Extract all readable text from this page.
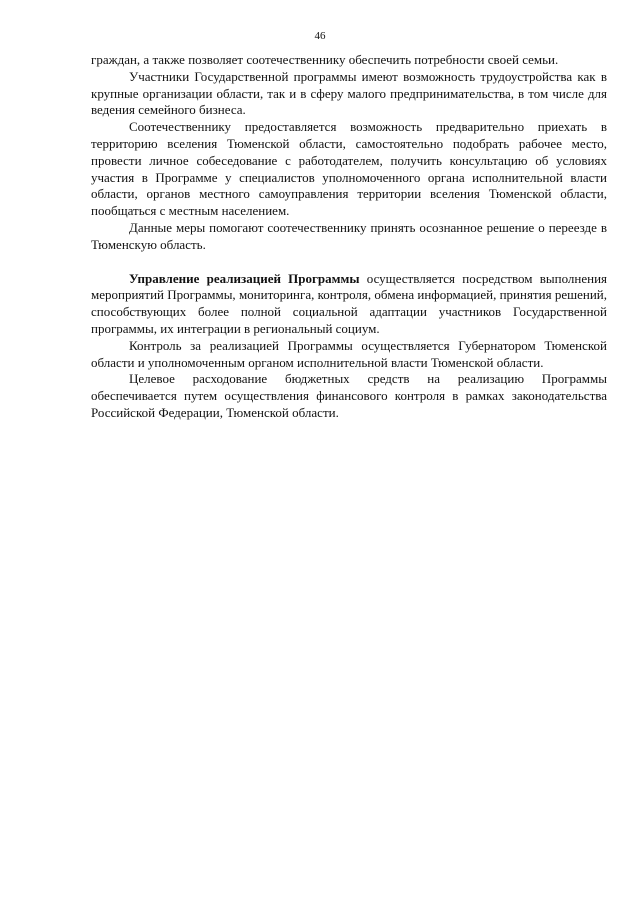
46

граждан, а также позволяет соотечественнику обеспечить потребности своей семьи.

Участники Государственной программы имеют возможность трудоустройства как в крупные организации области, так и в сферу малого предпринимательства, в том числе для ведения семейного бизнеса.

Соотечественнику предоставляется возможность предварительно приехать в территорию вселения Тюменской области, самостоятельно подобрать рабочее место, провести личное собеседование с работодателем, получить консультацию об условиях участия в Программе у специалистов уполномоченного органа исполнительной власти области, органов местного самоуправления территории вселения Тюменской области, пообщаться с местным населением.

Данные меры помогают соотечественнику принять осознанное решение о переезде в Тюменскую область.

Управление реализацией Программы осуществляется посредством выполнения мероприятий Программы, мониторинга, контроля, обмена информацией, принятия решений, способствующих более полной социальной адаптации участников Государственной программы, их интеграции в региональный социум.

Контроль за реализацией Программы осуществляется Губернатором Тюменской области и уполномоченным органом исполнительной власти Тюменской области.

Целевое расходование бюджетных средств на реализацию Программы обеспечивается путем осуществления финансового контроля в рамках законодательства Российской Федерации, Тюменской области.
